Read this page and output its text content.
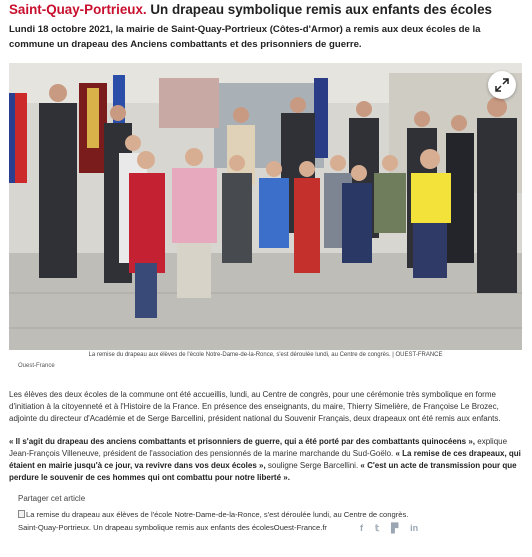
Saint-Quay-Portrieux. Un drapeau symbolique remis aux enfants des écoles
Lundi 18 octobre 2021, la mairie de Saint-Quay-Portrieux (Côtes-d'Armor) a remis aux deux écoles de la commune un drapeau des Anciens combattants et des prisonniers de guerre.
La remise du drapeau aux élèves de l'école Notre-Dame-de-la-Ronce, s'est déroulée lundi, au Centre de congrès. | OUEST-FRANCE
Ouest-France
Les élèves des deux écoles de la commune ont été accueillis, lundi, au Centre de congrès, pour une cérémonie très symbolique en forme d'initiation à la citoyenneté et à l'Histoire de la France. En présence des enseignants, du maire, Thierry Simelière, de Françoise Le Brozec, adjointe du directeur d'Académie et de Serge Barcellini, président national du Souvenir Français, deux drapeaux ont été remis aux enfants.
« Il s'agit du drapeau des anciens combattants et prisonniers de guerre, qui a été porté par des combattants quinocéens », explique Jean-François Villeneuve, président de l'association des pensionnés de la marine marchande du Sud-Goëlo. « La remise de ces drapeaux, qui étaient en mairie jusqu'à ce jour, va revivre dans vos deux écoles », souligne Serge Barcellini. « C'est un acte de transmission pour que perdure le souvenir de ces hommes qui ont combattu pour notre liberté ».
Partager cet article
La remise du drapeau aux élèves de l'école Notre-Dame-de-la-Ronce, s'est déroulée lundi, au Centre de congrès.
Saint-Quay-Portrieux. Un drapeau symbolique remis aux enfants des écolesOuest-France.fr	f 𝕥 ▛ in
